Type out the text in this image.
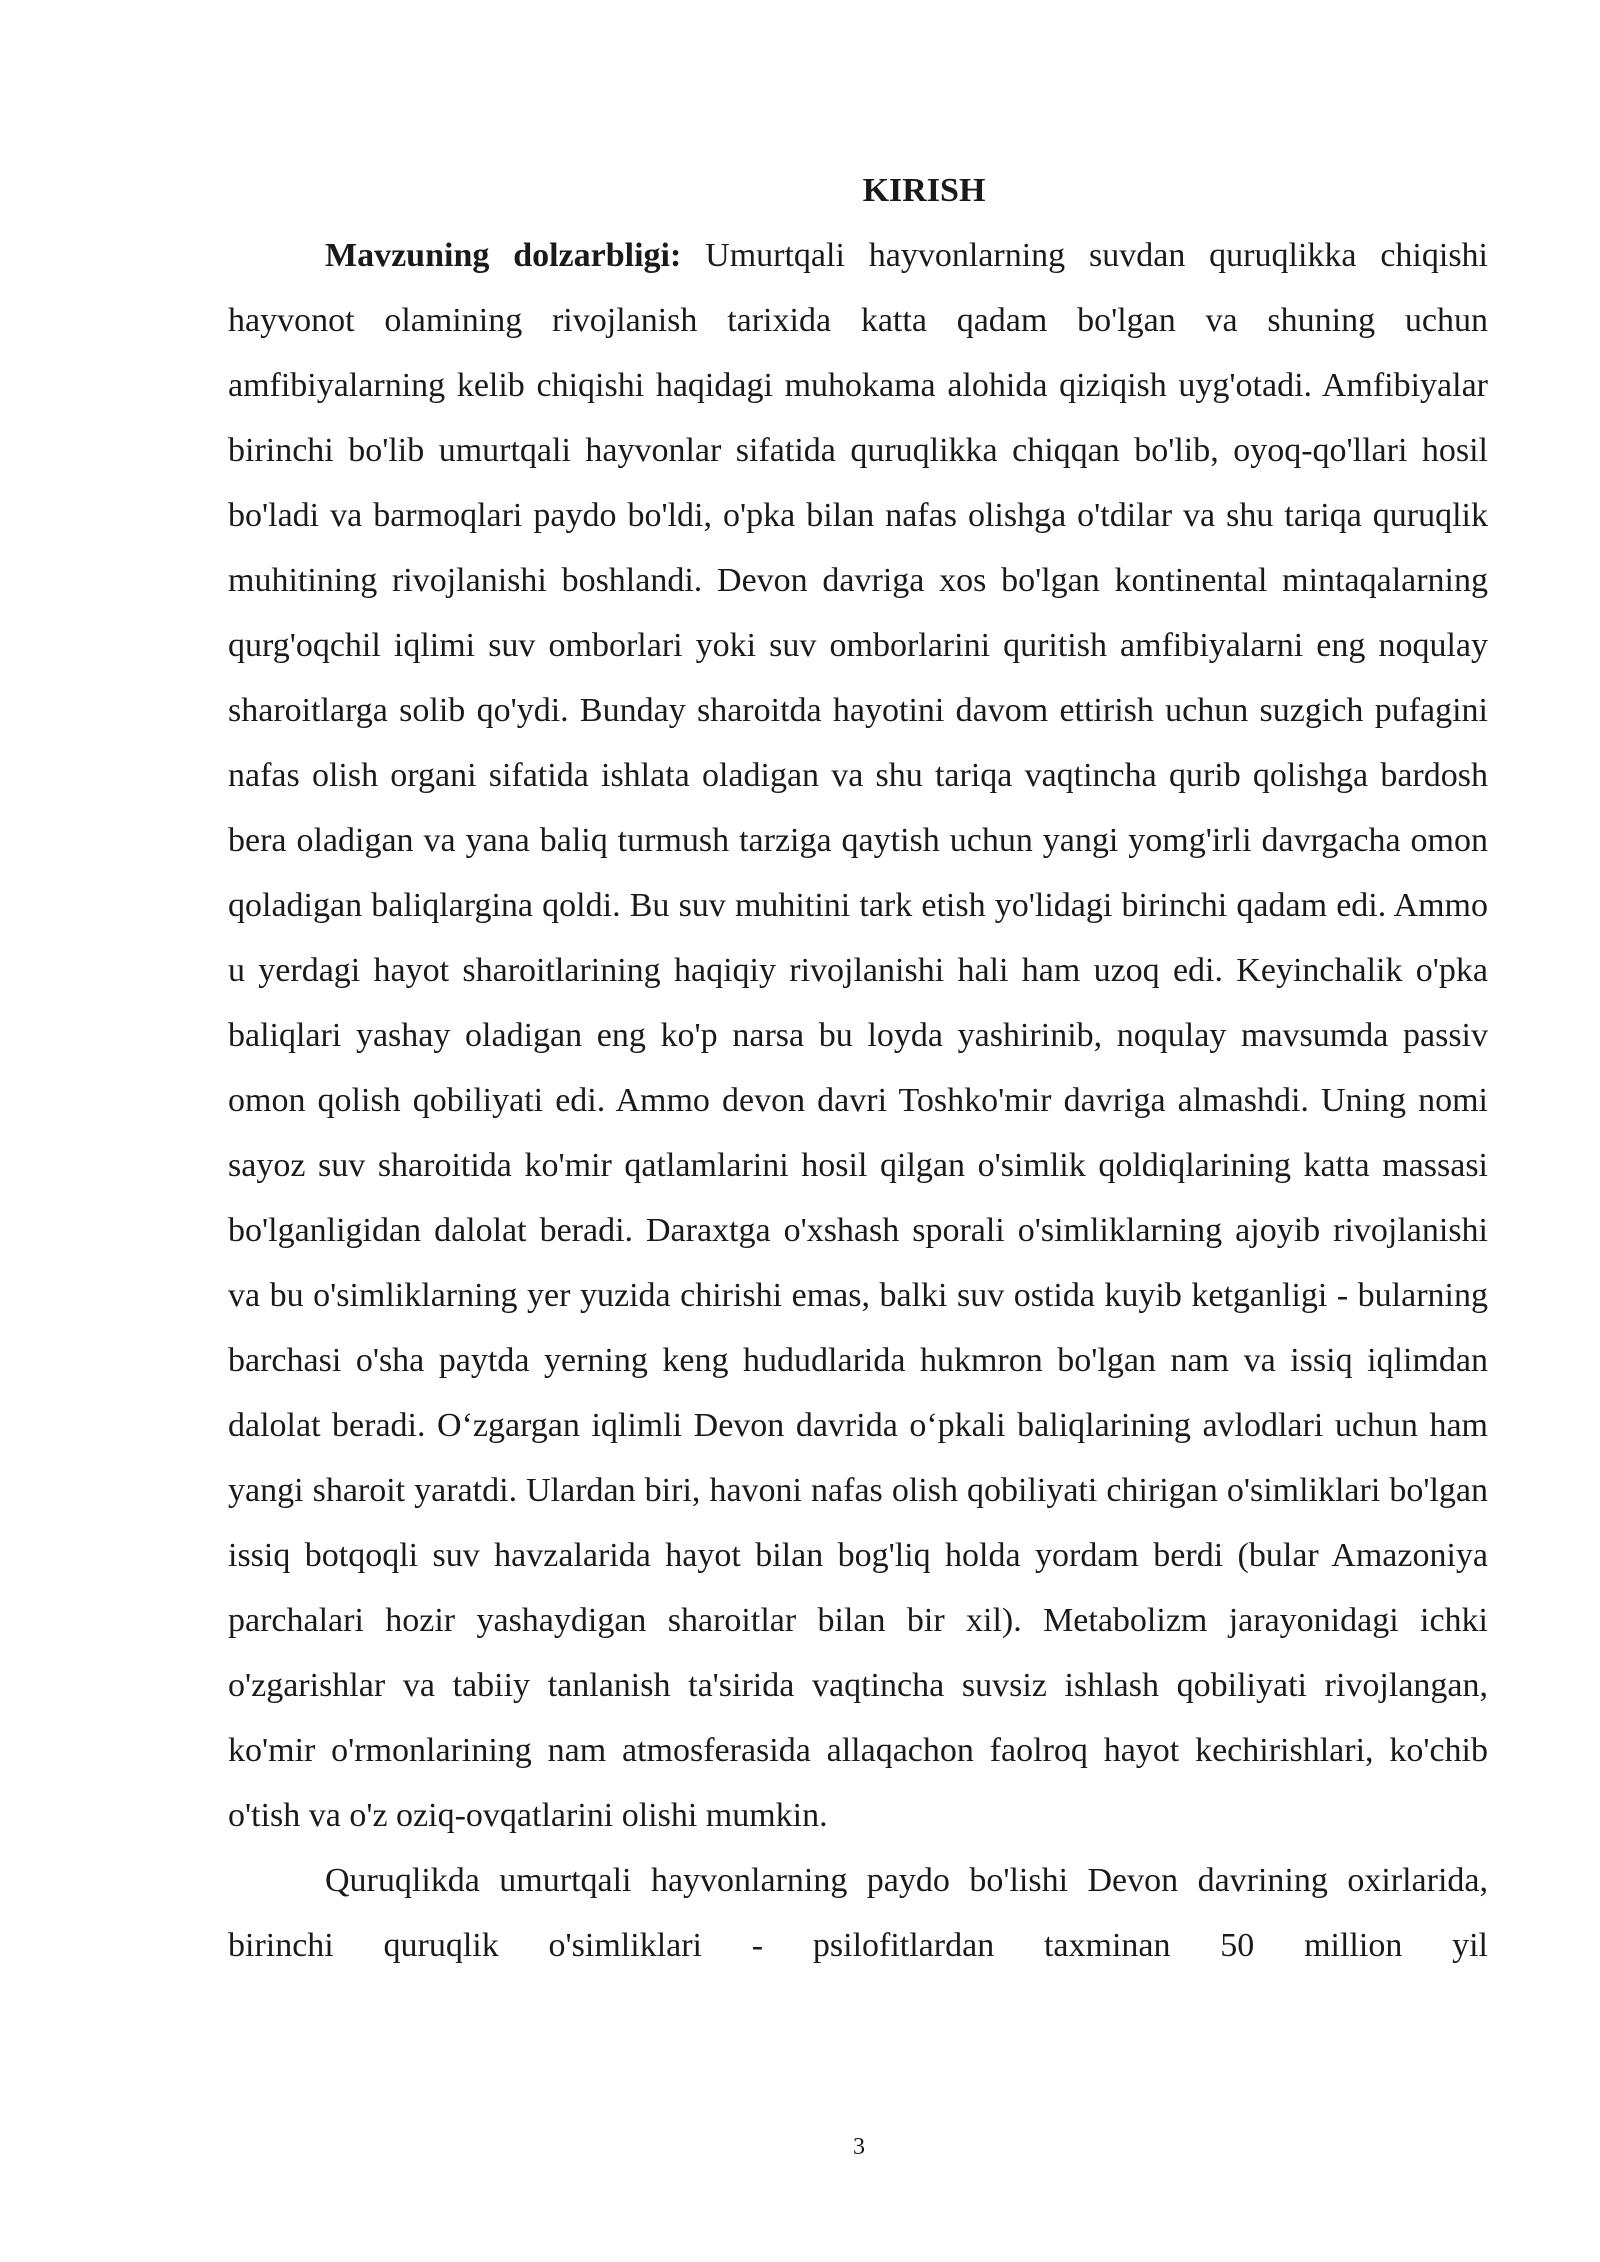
KIRISH

Mavzuning dolzarbligi: Umurtqali hayvonlarning suvdan quruqlikka chiqishi hayvonot olamining rivojlanish tarixida katta qadam bo'lgan va shuning uchun amfibiyalarning kelib chiqishi haqidagi muhokama alohida qiziqish uyg'otadi. Amfibiyalar birinchi bo'lib umurtqali hayvonlar sifatida quruqlikka chiqqan bo'lib, oyoq-qo'llari hosil bo'ladi va barmoqlari paydo bo'ldi, o'pka bilan nafas olishga o'tdilar va shu tariqa quruqlik muhitining rivojlanishi boshlandi. Devon davriga xos bo'lgan kontinental mintaqalarning qurg'oqchil iqlimi suv omborlari yoki suv omborlarini quritish amfibiyalarni eng noqulay sharoitlarga solib qo'ydi. Bunday sharoitda hayotini davom ettirish uchun suzgich pufagini nafas olish organi sifatida ishlata oladigan va shu tariqa vaqtincha qurib qolishga bardosh bera oladigan va yana baliq turmush tarziga qaytish uchun yangi yomg'irli davrgacha omon qoladigan baliqlargina qoldi. Bu suv muhitini tark etish yo'lidagi birinchi qadam edi. Ammo u yerdagi hayot sharoitlarining haqiqiy rivojlanishi hali ham uzoq edi. Keyinchalik o'pka baliqlari yashay oladigan eng ko'p narsa bu loyda yashirinib, noqulay mavsumda passiv omon qolish qobiliyati edi. Ammo devon davri Toshko'mir davriga almashdi. Uning nomi sayoz suv sharoitida ko'mir qatlamlarini hosil qilgan o'simlik qoldiqlarining katta massasi bo'lganligidan dalolat beradi. Daraxtga o'xshash sporali o'simliklarning ajoyib rivojlanishi va bu o'simliklarning yer yuzida chirishi emas, balki suv ostida kuyib ketganligi - bularning barchasi o'sha paytda yerning keng hududlarida hukmron bo'lgan nam va issiq iqlimdan dalolat beradi. O‘zgargan iqlimli Devon davrida o‘pkali baliqlarining avlodlari uchun ham yangi sharoit yaratdi. Ulardan biri, havoni nafas olish qobiliyati chirigan o'simliklari bo'lgan issiq botqoqli suv havzalarida hayot bilan bog'liq holda yordam berdi (bular Amazoniya parchalari hozir yashaydigan sharoitlar bilan bir xil). Metabolizm jarayonidagi ichki o'zgarishlar va tabiiy tanlanish ta'sirida vaqtincha suvsiz ishlash qobiliyati rivojlangan, ko'mir o'rmonlarining nam atmosferasida allaqachon faolroq hayot kechirishlari, ko'chib o'tish va o'z oziq-ovqatlarini olishi mumkin.

Quruqlikda umurtqali hayvonlarning paydo bo'lishi Devon davrining oxirlarida, birinchi quruqlik o'simliklari - psilofitlardan taxminan 50 million yil

3
